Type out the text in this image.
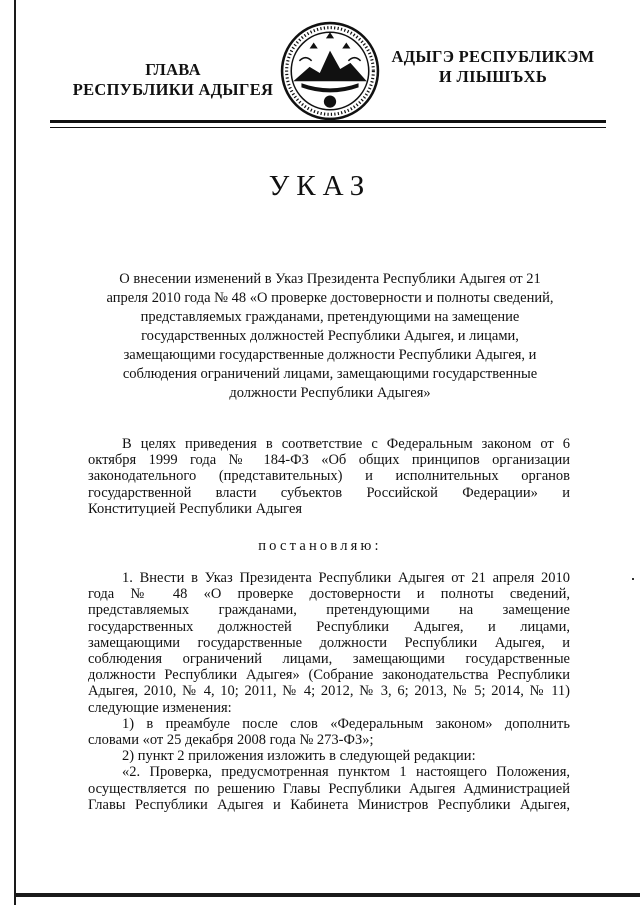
ГЛАВА
РЕСПУБЛИКИ АДЫГЕЯ
АДЫГЭ РЕСПУБЛИКЭМ
И ЛІЫШЪХЬ
УКАЗ
О внесении изменений в Указ Президента Республики Адыгея от 21
апреля 2010 года № 48 «О проверке достоверности и полноты сведений,
представляемых гражданами, претендующими на замещение
государственных должностей Республики Адыгея, и лицами,
замещающими государственные должности Республики Адыгея, и
соблюдения ограничений лицами, замещающими государственные
должности Республики Адыгея»
В целях приведения в соответствие с Федеральным законом от 6
октября 1999 года № 184-ФЗ «Об общих принципов организации
законодательного (представительных) и исполнительных органов
государственной власти субъектов Российской Федерации» и
Конституцией Республики Адыгея
постановляю:
1. Внести в Указ Президента Республики Адыгея от 21 апреля 2010
года № 48 «О проверке достоверности и полноты сведений,
представляемых гражданами, претендующими на замещение
государственных должностей Республики Адыгея, и лицами,
замещающими государственные должности Республики Адыгея, и
соблюдения ограничений лицами, замещающими государственные
должности Республики Адыгея» (Собрание законодательства Республики
Адыгея, 2010, № 4, 10; 2011, № 4; 2012, № 3, 6; 2013, № 5; 2014, № 11)
следующие изменения:
1) в преамбуле после слов «Федеральным законом» дополнить
словами «от 25 декабря 2008 года № 273-ФЗ»;
2) пункт 2 приложения изложить в следующей редакции:
«2. Проверка, предусмотренная пунктом 1 настоящего Положения,
осуществляется по решению Главы Республики Адыгея Администрацией
Главы Республики Адыгея и Кабинета Министров Республики Адыгея,
